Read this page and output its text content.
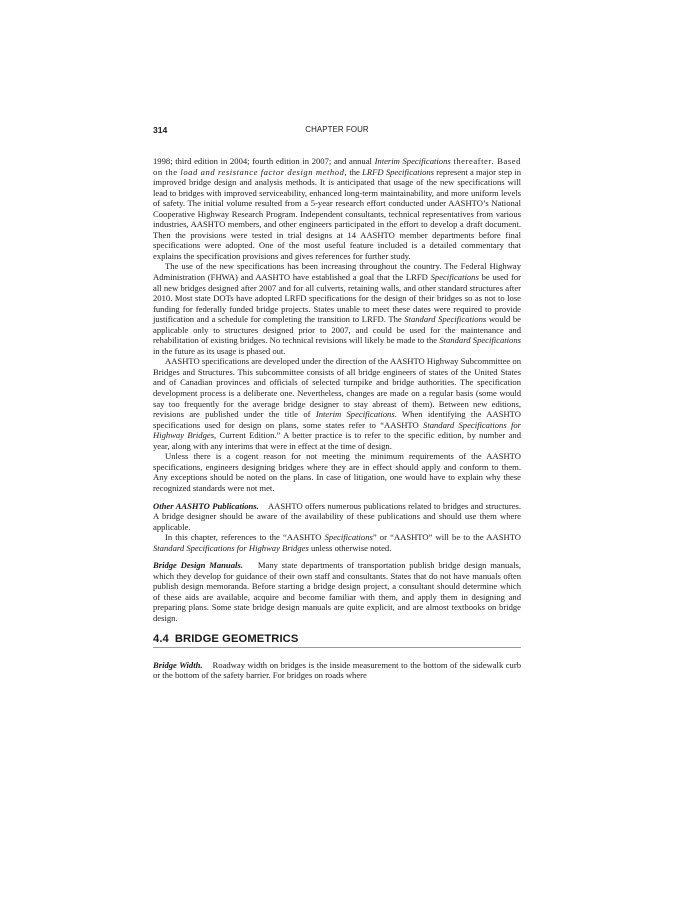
314	CHAPTER FOUR

1998; third edition in 2004; fourth edition in 2007; and annual Interim Specifications thereafter. Based on the load and resistance factor design method, the LRFD Specifications represent a major step in improved bridge design and analysis methods. It is anticipated that usage of the new specifications will lead to bridges with improved serviceability, enhanced long-term maintainability, and more uniform levels of safety. The initial volume resulted from a 5-year research effort conducted under AASHTO’s National Cooperative Highway Research Program. Independent consultants, technical representatives from various industries, AASHTO members, and other engineers participated in the effort to develop a draft document. Then the provisions were tested in trial designs at 14 AASHTO member departments before final specifications were adopted. One of the most useful feature included is a detailed commentary that explains the specification provisions and gives references for further study.

The use of the new specifications has been increasing throughout the country. The Federal Highway Administration (FHWA) and AASHTO have established a goal that the LRFD Specifications be used for all new bridges designed after 2007 and for all culverts, retaining walls, and other standard structures after 2010. Most state DOTs have adopted LRFD specifications for the design of their bridges so as not to lose funding for federally funded bridge projects. States unable to meet these dates were required to provide justification and a schedule for completing the transition to LRFD. The Standard Specifications would be applicable only to structures designed prior to 2007, and could be used for the maintenance and rehabilitation of existing bridges. No technical revisions will likely be made to the Standard Specifications in the future as its usage is phased out.

AASHTO specifications are developed under the direction of the AASHTO Highway Subcommittee on Bridges and Structures. This subcommittee consists of all bridge engineers of states of the United States and of Canadian provinces and officials of selected turnpike and bridge authorities. The specification development process is a deliberate one. Nevertheless, changes are made on a regular basis (some would say too frequently for the average bridge designer to stay abreast of them). Between new editions, revisions are published under the title of Interim Specifications. When identifying the AASHTO specifications used for design on plans, some states refer to “AASHTO Standard Specifications for Highway Bridges, Current Edition.” A better practice is to refer to the specific edition, by number and year, along with any interims that were in effect at the time of design.

Unless there is a cogent reason for not meeting the minimum requirements of the AASHTO specifications, engineers designing bridges where they are in effect should apply and conform to them. Any exceptions should be noted on the plans. In case of litigation, one would have to explain why these recognized standards were not met.

Other AASHTO Publications. AASHTO offers numerous publications related to bridges and structures. A bridge designer should be aware of the availability of these publications and should use them where applicable.

In this chapter, references to the “AASHTO Specifications” or “AASHTO” will be to the AASHTO Standard Specifications for Highway Bridges unless otherwise noted.

Bridge Design Manuals. Many state departments of transportation publish bridge design manuals, which they develop for guidance of their own staff and consultants. States that do not have manuals often publish design memoranda. Before starting a bridge design project, a consultant should determine which of these aids are available, acquire and become familiar with them, and apply them in designing and preparing plans. Some state bridge design manuals are quite explicit, and are almost textbooks on bridge design.

4.4 BRIDGE GEOMETRICS

Bridge Width. Roadway width on bridges is the inside measurement to the bottom of the sidewalk curb or the bottom of the safety barrier. For bridges on roads where
